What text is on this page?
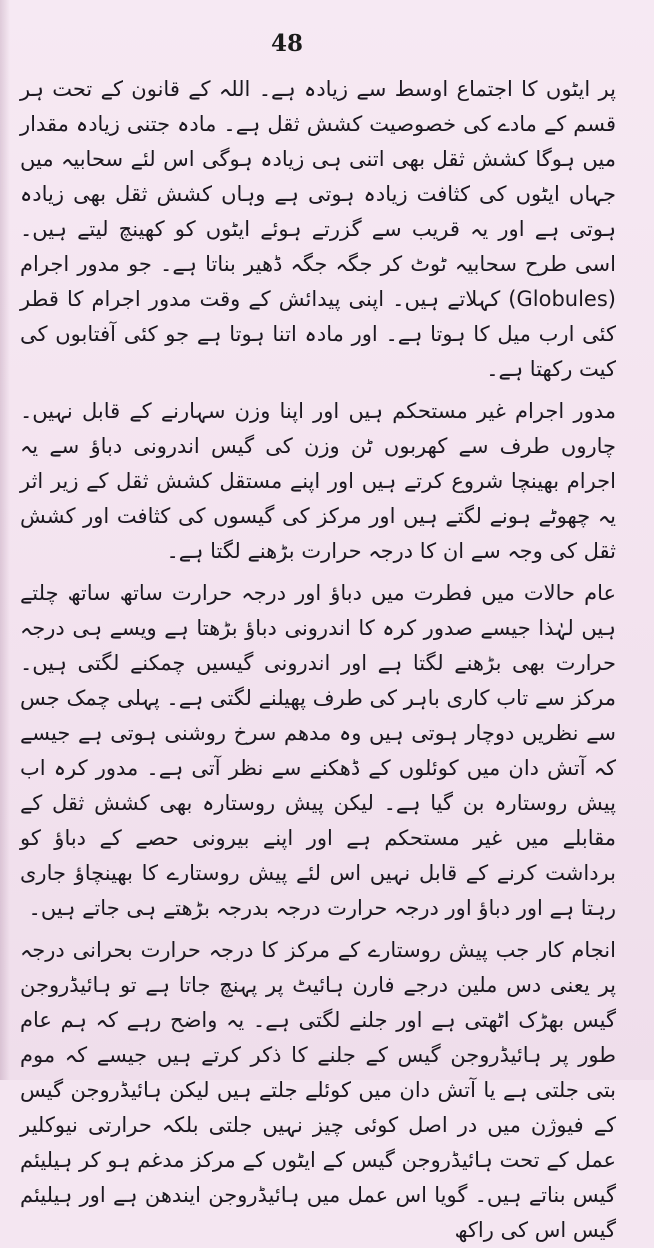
48

پر ایٹوں کا اجتماع اوسط سے زیادہ ہے۔ اللہ کے قانون کے تحت ہر قسم کے مادے کی خصوصیت کشش ثقل ہے۔ مادہ جتنی زیادہ مقدار میں ہوگا کشش ثقل بھی اتنی ہی زیادہ ہوگی اس لئے سحابیہ میں جہاں ایٹوں کی کثافت زیادہ ہوتی ہے وہاں کشش ثقل بھی زیادہ ہوتی ہے اور یہ قریب سے گزرتے ہوئے ایٹوں کو کھینچ لیتے ہیں۔ اسی طرح سحابیہ ٹوٹ کر جگہ جگہ ڈھیر بناتا ہے۔ جو مدور اجرام (Globules) کہلاتے ہیں۔ اپنی پیدائش کے وقت مدور اجرام کا قطر کئی ارب میل کا ہوتا ہے۔ اور مادہ اتنا ہوتا ہے جو کئی آفتابوں کی کیت رکھتا ہے۔

مدور اجرام غیر مستحکم ہیں اور اپنا وزن سہارنے کے قابل نہیں۔ چاروں طرف سے کھربوں ٹن وزن کی گیس اندرونی دباؤ سے یہ اجرام بھینچا شروع کرتے ہیں اور اپنے مستقل کشش ثقل کے زیر اثر یہ چھوٹے ہونے لگتے ہیں اور مرکز کی گیسوں کی کثافت اور کشش ثقل کی وجہ سے ان کا درجہ حرارت بڑھنے لگتا ہے۔

عام حالات میں فطرت میں دباؤ اور درجہ حرارت ساتھ ساتھ چلتے ہیں لہٰذا جیسے صدور کرہ کا اندرونی دباؤ بڑھتا ہے ویسے ہی درجہ حرارت بھی بڑھنے لگتا ہے اور اندرونی گیسیں چمکنے لگتی ہیں۔ مرکز سے تاب کاری باہر کی طرف پھیلنے لگتی ہے۔ پہلی چمک جس سے نظریں دوچار ہوتی ہیں وہ مدھم سرخ روشنی ہوتی ہے جیسے کہ آتش دان میں کوئلوں کے ڈھکنے سے نظر آتی ہے۔ مدور کرہ اب پیش روستارہ بن گیا ہے۔ لیکن پیش روستارہ بھی کشش ثقل کے مقابلے میں غیر مستحکم ہے اور اپنے بیرونی حصے کے دباؤ کو برداشت کرنے کے قابل نہیں اس لئے پیش روستارے کا بھینچاؤ جاری رہتا ہے اور دباؤ اور درجہ حرارت درجہ بدرجہ بڑھتے ہی جاتے ہیں۔

انجام کار جب پیش روستارے کے مرکز کا درجہ حرارت بحرانی درجہ پر یعنی دس ملین درجے فارن ہائیٹ پر پہنچ جاتا ہے تو ہائیڈروجن گیس بھڑک اٹھتی ہے اور جلنے لگتی ہے۔ یہ واضح رہے کہ ہم عام طور پر ہائیڈروجن گیس کے جلنے کا ذکر کرتے ہیں جیسے کہ موم بتی جلتی ہے یا آتش دان میں کوئلے جلتے ہیں لیکن ہائیڈروجن گیس کے فیوژن میں در اصل کوئی چیز نہیں جلتی بلکہ حرارتی نیوکلیر عمل کے تحت ہائیڈروجن گیس کے ایٹوں کے مرکز مدغم ہو کر ہیلیئم گیس بناتے ہیں۔ گویا اس عمل میں ہائیڈروجن ایندھن ہے اور ہیلیئم گیس اس کی راکھ
